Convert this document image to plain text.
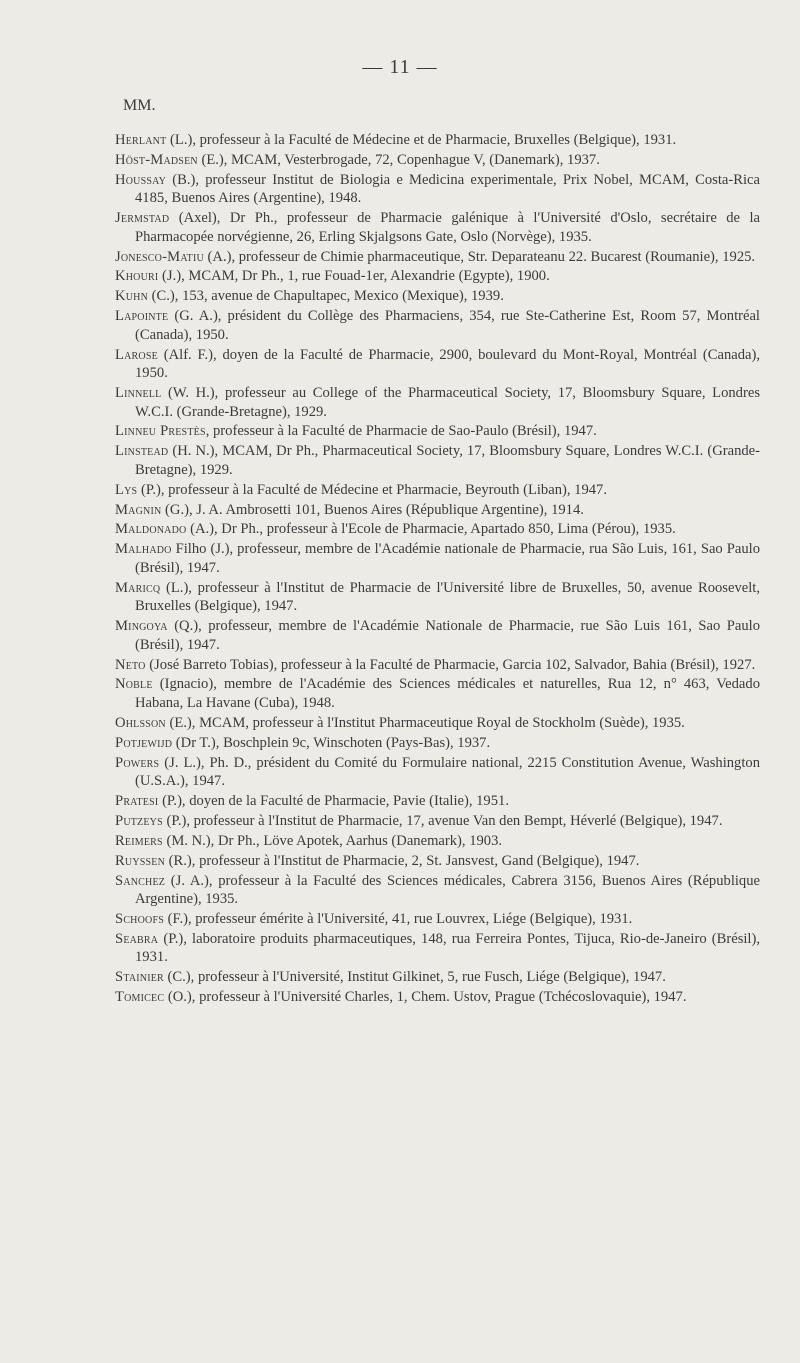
— 11 —
MM.
Herlant (L.), professeur à la Faculté de Médecine et de Pharmacie, Bruxelles (Belgique), 1931.
Höst-Madsen (E.), MCAM, Vesterbrogade, 72, Copenhague V, (Danemark), 1937.
Houssay (B.), professeur Institut de Biologia e Medicina experimentale, Prix Nobel, MCAM, Costa-Rica 4185, Buenos Aires (Argentine), 1948.
Jermstad (Axel), Dr Ph., professeur de Pharmacie galénique à l'Université d'Oslo, secrétaire de la Pharmacopée norvégienne, 26, Erling Skjalgsons Gate, Oslo (Norvège), 1935.
Jonesco-Matiu (A.), professeur de Chimie pharmaceutique, Str. Deparateanu 22. Bucarest (Roumanie), 1925.
Khouri (J.), MCAM, Dr Ph., 1, rue Fouad-1er, Alexandrie (Egypte), 1900.
Kuhn (C.), 153, avenue de Chapultapec, Mexico (Mexique), 1939.
Lapointe (G. A.), président du Collège des Pharmaciens, 354, rue Ste-Catherine Est, Room 57, Montréal (Canada), 1950.
Larose (Alf. F.), doyen de la Faculté de Pharmacie, 2900, boulevard du Mont-Royal, Montréal (Canada), 1950.
Linnell (W. H.), professeur au College of the Pharmaceutical Society, 17, Bloomsbury Square, Londres W.C.I. (Grande-Bretagne), 1929.
Linneu Prestès, professeur à la Faculté de Pharmacie de Sao-Paulo (Brésil), 1947.
Linstead (H. N.), MCAM, Dr Ph., Pharmaceutical Society, 17, Bloomsbury Square, Londres W.C.I. (Grande-Bretagne), 1929.
Lys (P.), professeur à la Faculté de Médecine et Pharmacie, Beyrouth (Liban), 1947.
Magnin (G.), J. A. Ambrosetti 101, Buenos Aires (République Argentine), 1914.
Maldonado (A.), Dr Ph., professeur à l'Ecole de Pharmacie, Apartado 850, Lima (Pérou), 1935.
Malhado Filho (J.), professeur, membre de l'Académie nationale de Pharmacie, rua São Luis, 161, Sao Paulo (Brésil), 1947.
Maricq (L.), professeur à l'Institut de Pharmacie de l'Université libre de Bruxelles, 50, avenue Roosevelt, Bruxelles (Belgique), 1947.
Mingoya (Q.), professeur, membre de l'Académie Nationale de Pharmacie, rue São Luis 161, Sao Paulo (Brésil), 1947.
Neto (José Barreto Tobias), professeur à la Faculté de Pharmacie, Garcia 102, Salvador, Bahia (Brésil), 1927.
Noble (Ignacio), membre de l'Académie des Sciences médicales et naturelles, Rua 12, n° 463, Vedado Habana, La Havane (Cuba), 1948.
Ohlsson (E.), MCAM, professeur à l'Institut Pharmaceutique Royal de Stockholm (Suède), 1935.
Potjewijd (Dr T.), Boschplein 9c, Winschoten (Pays-Bas), 1937.
Powers (J. L.), Ph. D., président du Comité du Formulaire national, 2215 Constitution Avenue, Washington (U.S.A.), 1947.
Pratesi (P.), doyen de la Faculté de Pharmacie, Pavie (Italie), 1951.
Putzeys (P.), professeur à l'Institut de Pharmacie, 17, avenue Van den Bempt, Héverlé (Belgique), 1947.
Reimers (M. N.), Dr Ph., Löve Apotek, Aarhus (Danemark), 1903.
Ruyssen (R.), professeur à l'Institut de Pharmacie, 2, St. Jansvest, Gand (Belgique), 1947.
Sanchez (J. A.), professeur à la Faculté des Sciences médicales, Cabrera 3156, Buenos Aires (République Argentine), 1935.
Schoofs (F.), professeur émérite à l'Université, 41, rue Louvrex, Liége (Belgique), 1931.
Seabra (P.), laboratoire produits pharmaceutiques, 148, rua Ferreira Pontes, Tijuca, Rio-de-Janeiro (Brésil), 1931.
Stainier (C.), professeur à l'Université, Institut Gilkinet, 5, rue Fusch, Liége (Belgique), 1947.
Tomicec (O.), professeur à l'Université Charles, 1, Chem. Ustov, Prague (Tchécoslovaquie), 1947.
